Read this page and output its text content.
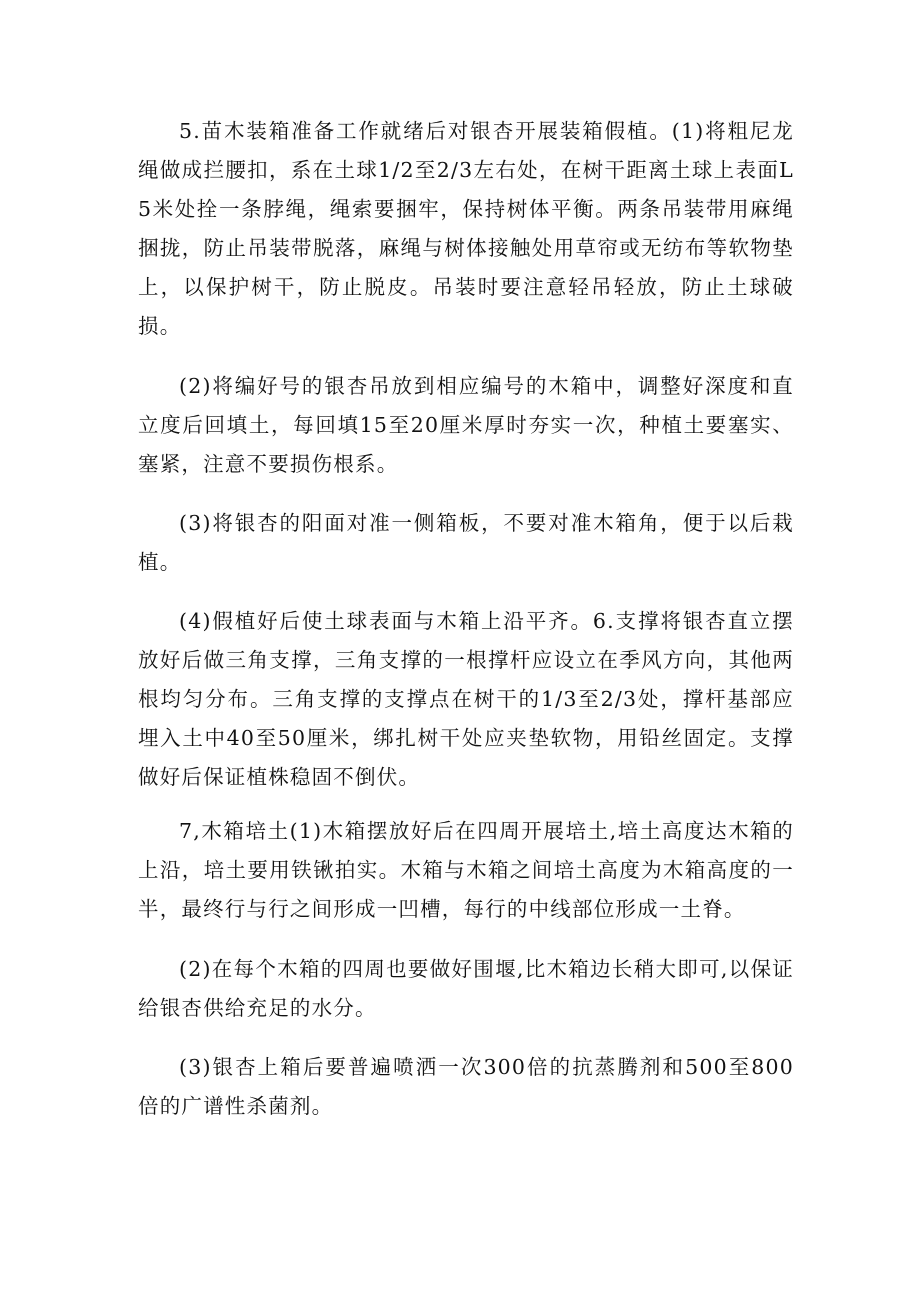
5.苗木装箱准备工作就绪后对银杏开展装箱假植。(1)将粗尼龙绳做成拦腰扣，系在土球1/2至2/3左右处，在树干距离土球上表面L5米处拴一条脖绳，绳索要捆牢，保持树体平衡。两条吊装带用麻绳捆拢，防止吊装带脱落，麻绳与树体接触处用草帘或无纺布等软物垫上，以保护树干，防止脱皮。吊装时要注意轻吊轻放，防止土球破损。

(2)将编好号的银杏吊放到相应编号的木箱中，调整好深度和直立度后回填土，每回填15至20厘米厚时夯实一次，种植土要塞实、塞紧，注意不要损伤根系。

(3)将银杏的阳面对准一侧箱板，不要对准木箱角，便于以后栽植。

(4)假植好后使土球表面与木箱上沿平齐。6.支撑将银杏直立摆放好后做三角支撑，三角支撑的一根撑杆应设立在季风方向，其他两根均匀分布。三角支撑的支撑点在树干的1/3至2/3处，撑杆基部应埋入土中40至50厘米，绑扎树干处应夹垫软物，用铅丝固定。支撑做好后保证植株稳固不倒伏。

7,木箱培土(1)木箱摆放好后在四周开展培土,培土高度达木箱的上沿，培土要用铁锹拍实。木箱与木箱之间培土高度为木箱高度的一半，最终行与行之间形成一凹槽，每行的中线部位形成一土脊。

(2)在每个木箱的四周也要做好围堰,比木箱边长稍大即可,以保证给银杏供给充足的水分。

(3)银杏上箱后要普遍喷洒一次300倍的抗蒸腾剂和500至800倍的广谱性杀菌剂。
